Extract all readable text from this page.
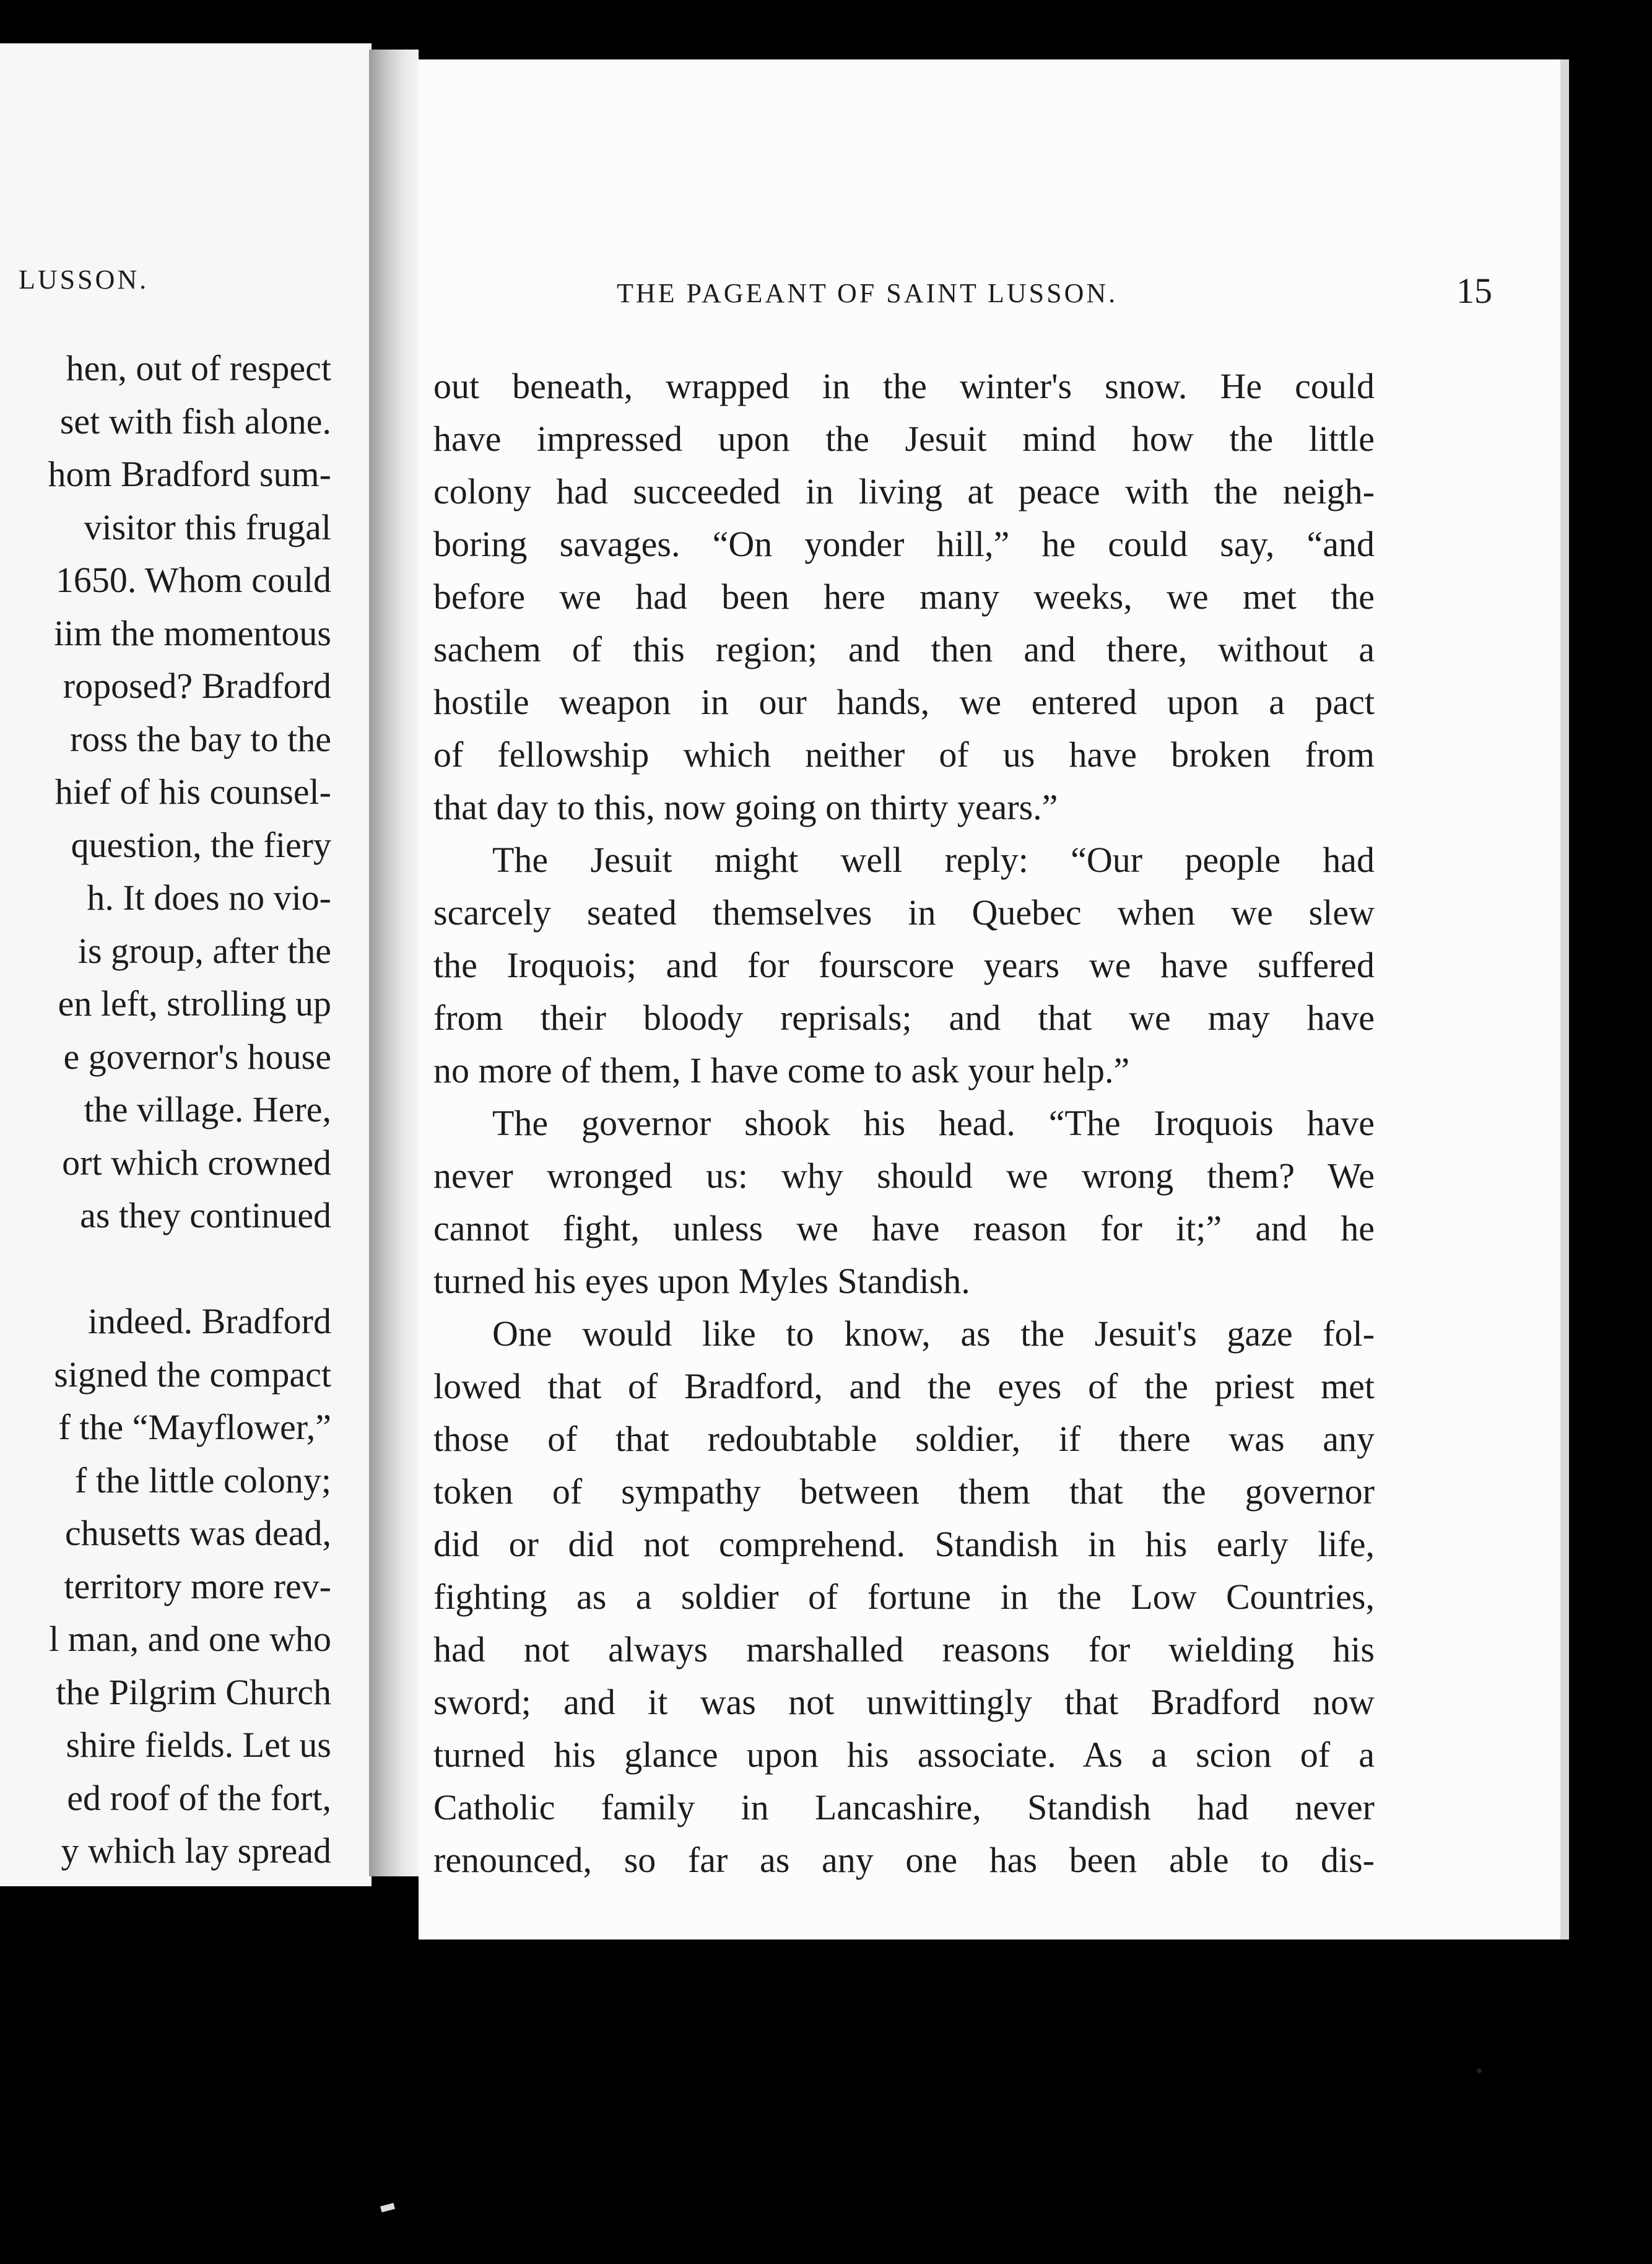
LUSSON.
hen, out of respect
set with fish alone.
hom Bradford sum-
visitor this frugal
1650. Whom could
iim the momentous
roposed? Bradford
ross the bay to the
hief of his counsel-
question, the fiery
h. It does no vio-
is group, after the
en left, strolling up
e governor's house
the village. Here,
ort which crowned
as they continued
indeed. Bradford
signed the compact
f the “Mayflower,”
f the little colony;
chusetts was dead,
territory more rev-
l man, and one who
the Pilgrim Church
shire fields. Let us
ed roof of the fort,
y which lay spread
THE PAGEANT OF SAINT LUSSON.	15
out beneath, wrapped in the winter's snow. He could
have impressed upon the Jesuit mind how the little
colony had succeeded in living at peace with the neigh-
boring savages. “On yonder hill,” he could say, “and
before we had been here many weeks, we met the
sachem of this region; and then and there, without a
hostile weapon in our hands, we entered upon a pact
of fellowship which neither of us have broken from
that day to this, now going on thirty years.”
The Jesuit might well reply: “Our people had
scarcely seated themselves in Quebec when we slew
the Iroquois; and for fourscore years we have suffered
from their bloody reprisals; and that we may have
no more of them, I have come to ask your help.”
The governor shook his head. “The Iroquois have
never wronged us: why should we wrong them? We
cannot fight, unless we have reason for it;” and he
turned his eyes upon Myles Standish.
One would like to know, as the Jesuit's gaze fol-
lowed that of Bradford, and the eyes of the priest met
those of that redoubtable soldier, if there was any
token of sympathy between them that the governor
did or did not comprehend. Standish in his early life,
fighting as a soldier of fortune in the Low Countries,
had not always marshalled reasons for wielding his
sword; and it was not unwittingly that Bradford now
turned his glance upon his associate. As a scion of a
Catholic family in Lancashire, Standish had never
renounced, so far as any one has been able to dis-
